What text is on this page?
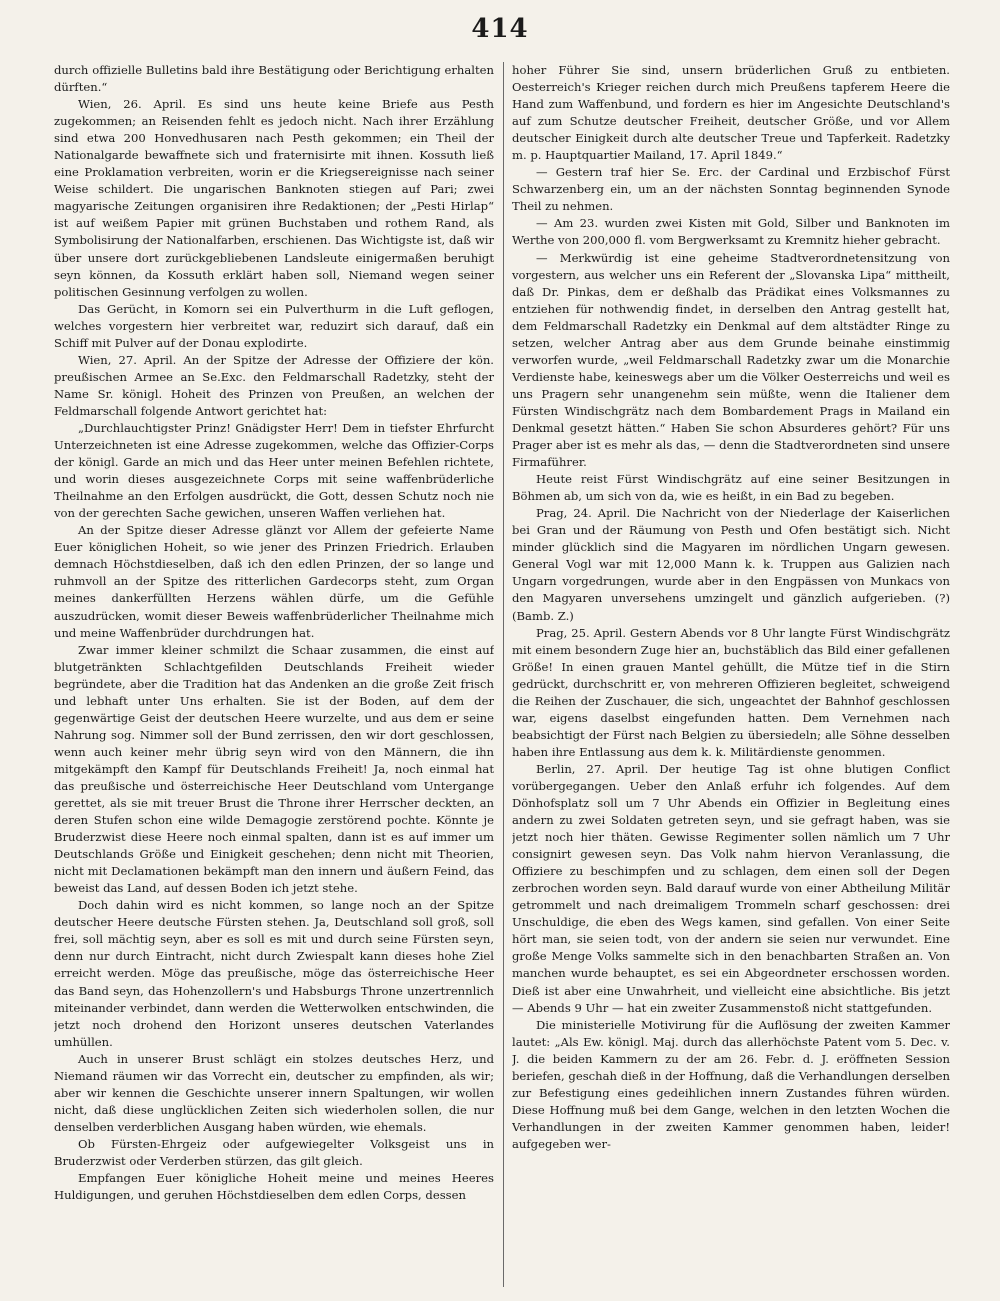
414

durch offizielle Bulletins bald ihre Bestätigung oder Berichtigung erhalten dürften.“

Wien, 26. April. Es sind uns heute keine Briefe aus Pesth zugekommen; an Reisenden fehlt es jedoch nicht. Nach ihrer Erzählung sind etwa 200 Honvedhusaren nach Pesth gekommen; ein Theil der Nationalgarde bewaffnete sich und fraternisirte mit ihnen. Kossuth ließ eine Proklamation verbreiten, worin er die Kriegsereignisse nach seiner Weise schildert. Die ungarischen Banknoten stiegen auf Pari; zwei magyarische Zeitungen organisiren ihre Redaktionen; der „Pesti Hirlap“ ist auf weißem Papier mit grünen Buchstaben und rothem Rand, als Symbolisirung der Nationalfarben, erschienen. Das Wichtigste ist, daß wir über unsere dort zurückgebliebenen Landsleute einigermaßen beruhigt seyn können, da Kossuth erklärt haben soll, Niemand wegen seiner politischen Gesinnung verfolgen zu wollen.

Das Gerücht, in Komorn sei ein Pulverthurm in die Luft geflogen, welches vorgestern hier verbreitet war, reduzirt sich darauf, daß ein Schiff mit Pulver auf der Donau explodirte.

Wien, 27. April. An der Spitze der Adresse der Offiziere der kön. preußischen Armee an Se.Exc. den Feldmarschall Radetzky, steht der Name Sr. königl. Hoheit des Prinzen von Preußen, an welchen der Feldmarschall folgende Antwort gerichtet hat:

„Durchlauchtigster Prinz! Gnädigster Herr! Dem in tiefster Ehrfurcht Unterzeichneten ist eine Adresse zugekommen, welche das Offizier-Corps der königl. Garde an mich und das Heer unter meinen Befehlen richtete, und worin dieses ausgezeichnete Corps mit seine waffenbrüderliche Theilnahme an den Erfolgen ausdrückt, die Gott, dessen Schutz noch nie von der gerechten Sache gewichen, unseren Waffen verliehen hat.

An der Spitze dieser Adresse glänzt vor Allem der gefeierte Name Euer königlichen Hoheit, so wie jener des Prinzen Friedrich. Erlauben demnach Höchstdieselben, daß ich den edlen Prinzen, der so lange und ruhmvoll an der Spitze des ritterlichen Gardecorps steht, zum Organ meines dankerfüllten Herzens wählen dürfe, um die Gefühle auszudrücken, womit dieser Beweis waffenbrüderlicher Theilnahme mich und meine Waffenbrüder durchdrungen hat.

Zwar immer kleiner schmilzt die Schaar zusammen, die einst auf blutgetränkten Schlachtgefilden Deutschlands Freiheit wieder begründete, aber die Tradition hat das Andenken an die große Zeit frisch und lebhaft unter Uns erhalten. Sie ist der Boden, auf dem der gegenwärtige Geist der deutschen Heere wurzelte, und aus dem er seine Nahrung sog. Nimmer soll der Bund zerrissen, den wir dort geschlossen, wenn auch keiner mehr übrig seyn wird von den Männern, die ihn mitgekämpft den Kampf für Deutschlands Freiheit! Ja, noch einmal hat das preußische und österreichische Heer Deutschland vom Untergange gerettet, als sie mit treuer Brust die Throne ihrer Herrscher deckten, an deren Stufen schon eine wilde Demagogie zerstörend pochte. Könnte je Bruderzwist diese Heere noch einmal spalten, dann ist es auf immer um Deutschlands Größe und Einigkeit geschehen; denn nicht mit Theorien, nicht mit Declamationen bekämpft man den innern und äußern Feind, das beweist das Land, auf dessen Boden ich jetzt stehe.

Doch dahin wird es nicht kommen, so lange noch an der Spitze deutscher Heere deutsche Fürsten stehen. Ja, Deutschland soll groß, soll frei, soll mächtig seyn, aber es soll es mit und durch seine Fürsten seyn, denn nur durch Eintracht, nicht durch Zwiespalt kann dieses hohe Ziel erreicht werden. Möge das preußische, möge das österreichische Heer das Band seyn, das Hohenzollern's und Habsburgs Throne unzertrennlich miteinander verbindet, dann werden die Wetterwolken entschwinden, die jetzt noch drohend den Horizont unseres deutschen Vaterlandes umhüllen.

Auch in unserer Brust schlägt ein stolzes deutsches Herz, und Niemand räumen wir das Vorrecht ein, deutscher zu empfinden, als wir; aber wir kennen die Geschichte unserer innern Spaltungen, wir wollen nicht, daß diese unglücklichen Zeiten sich wiederholen sollen, die nur denselben verderblichen Ausgang haben würden, wie ehemals.

Ob Fürsten-Ehrgeiz oder aufgewiegelter Volksgeist uns in Bruderzwist oder Verderben stürzen, das gilt gleich.

Empfangen Euer königliche Hoheit meine und meines Heeres Huldigungen, und geruhen Höchstdieselben dem edlen Corps, dessen

hoher Führer Sie sind, unsern brüderlichen Gruß zu entbieten. Oesterreich's Krieger reichen durch mich Preußens tapferem Heere die Hand zum Waffenbund, und fordern es hier im Angesichte Deutschland's auf zum Schutze deutscher Freiheit, deutscher Größe, und vor Allem deutscher Einigkeit durch alte deutscher Treue und Tapferkeit. Radetzky m. p. Hauptquartier Mailand, 17. April 1849.“

— Gestern traf hier Se. Erc. der Cardinal und Erzbischof Fürst Schwarzenberg ein, um an der nächsten Sonntag beginnenden Synode Theil zu nehmen.

— Am 23. wurden zwei Kisten mit Gold, Silber und Banknoten im Werthe von 200,000 fl. vom Bergwerksamt zu Kremnitz hieher gebracht.

— Merkwürdig ist eine geheime Stadtverordnetensitzung von vorgestern, aus welcher uns ein Referent der „Slovanska Lipa“ mittheilt, daß Dr. Pinkas, dem er deßhalb das Prädikat eines Volksmannes zu entziehen für nothwendig findet, in derselben den Antrag gestellt hat, dem Feldmarschall Radetzky ein Denkmal auf dem altstädter Ringe zu setzen, welcher Antrag aber aus dem Grunde beinahe einstimmig verworfen wurde, „weil Feldmarschall Radetzky zwar um die Monarchie Verdienste habe, keineswegs aber um die Völker Oesterreichs und weil es uns Pragern sehr unangenehm sein müßte, wenn die Italiener dem Fürsten Windischgrätz nach dem Bombardement Prags in Mailand ein Denkmal gesetzt hätten.“ Haben Sie schon Absurderes gehört? Für uns Prager aber ist es mehr als das, — denn die Stadtverordneten sind unsere Firmaführer.

Heute reist Fürst Windischgrätz auf eine seiner Besitzungen in Böhmen ab, um sich von da, wie es heißt, in ein Bad zu begeben.

Prag, 24. April. Die Nachricht von der Niederlage der Kaiserlichen bei Gran und der Räumung von Pesth und Ofen bestätigt sich. Nicht minder glücklich sind die Magyaren im nördlichen Ungarn gewesen. General Vogl war mit 12,000 Mann k. k. Truppen aus Galizien nach Ungarn vorgedrungen, wurde aber in den Engpässen von Munkacs von den Magyaren unversehens umzingelt und gänzlich aufgerieben. (?) (Bamb. Z.)

Prag, 25. April. Gestern Abends vor 8 Uhr langte Fürst Windischgrätz mit einem besondern Zuge hier an, buchstäblich das Bild einer gefallenen Größe! In einen grauen Mantel gehüllt, die Mütze tief in die Stirn gedrückt, durchschritt er, von mehreren Offizieren begleitet, schweigend die Reihen der Zuschauer, die sich, ungeachtet der Bahnhof geschlossen war, eigens daselbst eingefunden hatten. Dem Vernehmen nach beabsichtigt der Fürst nach Belgien zu übersiedeln; alle Söhne desselben haben ihre Entlassung aus dem k. k. Militärdienste genommen.

Berlin, 27. April. Der heutige Tag ist ohne blutigen Conflict vorübergegangen. Ueber den Anlaß erfuhr ich folgendes. Auf dem Dönhofsplatz soll um 7 Uhr Abends ein Offizier in Begleitung eines andern zu zwei Soldaten getreten seyn, und sie gefragt haben, was sie jetzt noch hier thäten. Gewisse Regimenter sollen nämlich um 7 Uhr consignirt gewesen seyn. Das Volk nahm hiervon Veranlassung, die Offiziere zu beschimpfen und zu schlagen, dem einen soll der Degen zerbrochen worden seyn. Bald darauf wurde von einer Abtheilung Militär getrommelt und nach dreimaligem Trommeln scharf geschossen: drei Unschuldige, die eben des Wegs kamen, sind gefallen. Von einer Seite hört man, sie seien todt, von der andern sie seien nur verwundet. Eine große Menge Volks sammelte sich in den benachbarten Straßen an. Von manchen wurde behauptet, es sei ein Abgeordneter erschossen worden. Dieß ist aber eine Unwahrheit, und vielleicht eine absichtliche. Bis jetzt — Abends 9 Uhr — hat ein zweiter Zusammenstoß nicht stattgefunden.

Die ministerielle Motivirung für die Auflösung der zweiten Kammer lautet: „Als Ew. königl. Maj. durch das allerhöchste Patent vom 5. Dec. v. J. die beiden Kammern zu der am 26. Febr. d. J. eröffneten Session beriefen, geschah dieß in der Hoffnung, daß die Verhandlungen derselben zur Befestigung eines gedeihlichen innern Zustandes führen würden. Diese Hoffnung muß bei dem Gange, welchen in den letzten Wochen die Verhandlungen in der zweiten Kammer genommen haben, leider! aufgegeben wer-
